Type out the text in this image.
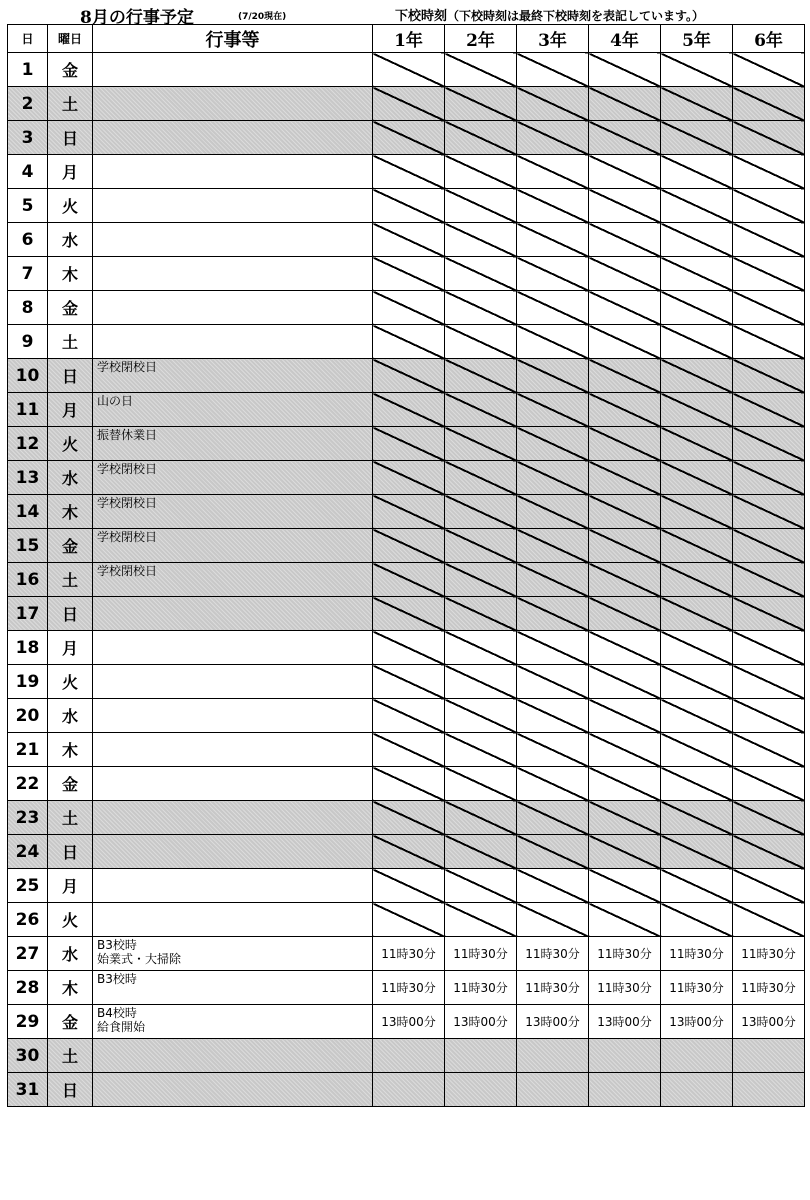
8月の行事予定	(7/20現在)	下校時刻（下校時刻は最終下校時刻を表記しています。）
日	曜日	行事等	1年	2年	3年	4年	5年	6年
1	金							
2	土							
3	日							
4	月							
5	火							
6	水							
7	木							
8	金							
9	土							
10	日	学校閉校日						

11	月	山の日						

12	火	振替休業日						

13	水	学校閉校日						

14	木	学校閉校日						

15	金	学校閉校日						

16	土	学校閉校日						

17	日							
18	月							
19	火							
20	水							
21	木							
22	金							
23	土							
24	日							
25	月							
26	火							
27	水	B3校時
始業式・大掃除	11時30分	11時30分	11時30分	11時30分	11時30分	11時30分
28	木	B3校時	11時30分	11時30分	11時30分	11時30分	11時30分	11時30分
29	金	B4校時
給食開始	13時00分	13時00分	13時00分	13時00分	13時00分	13時00分
30	土							
31	日							
